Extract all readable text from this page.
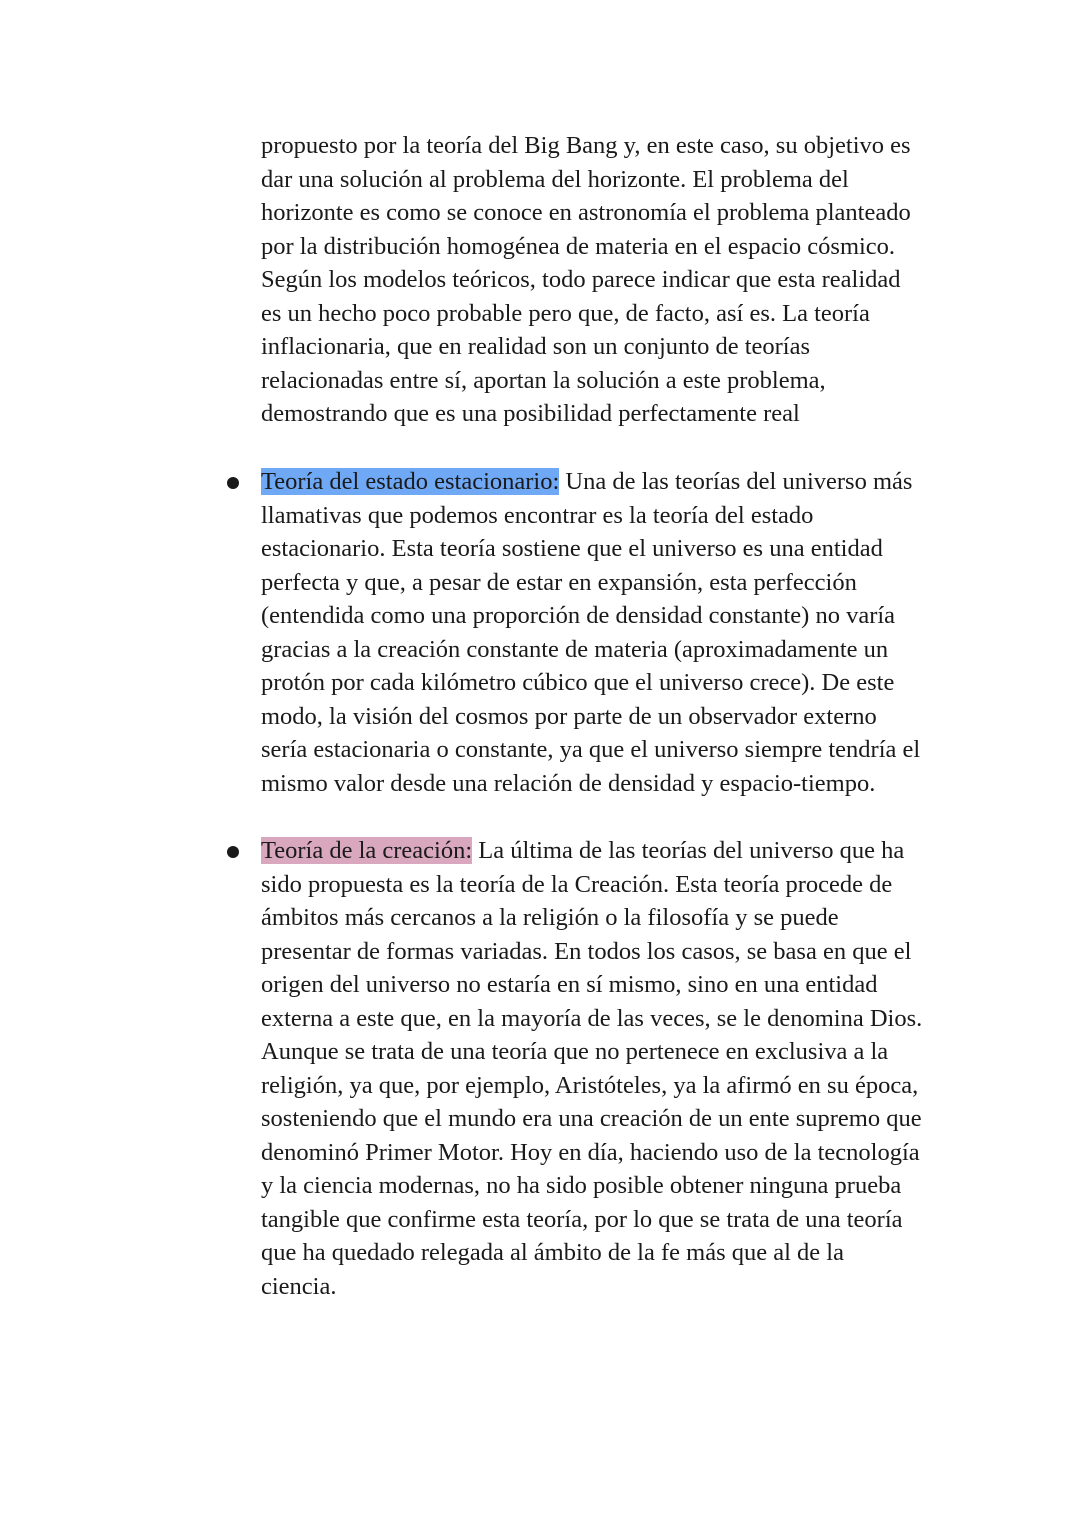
propuesto por la teoría del Big Bang y, en este caso, su objetivo es
dar una solución al problema del horizonte. El problema del
horizonte es como se conoce en astronomía el problema planteado
por la distribución homogénea de materia en el espacio cósmico.
Según los modelos teóricos, todo parece indicar que esta realidad
es un hecho poco probable pero que, de facto, así es. La teoría
inflacionaria, que en realidad son un conjunto de teorías
relacionadas entre sí, aportan la solución a este problema,
demostrando que es una posibilidad perfectamente real

Teoría del estado estacionario: Una de las teorías del universo más
llamativas que podemos encontrar es la teoría del estado
estacionario. Esta teoría sostiene que el universo es una entidad
perfecta y que, a pesar de estar en expansión, esta perfección
(entendida como una proporción de densidad constante) no varía
gracias a la creación constante de materia (aproximadamente un
protón por cada kilómetro cúbico que el universo crece). De este
modo, la visión del cosmos por parte de un observador externo
sería estacionaria o constante, ya que el universo siempre tendría el
mismo valor desde una relación de densidad y espacio-tiempo.

Teoría de la creación: La última de las teorías del universo que ha
sido propuesta es la teoría de la Creación. Esta teoría procede de
ámbitos más cercanos a la religión o la filosofía y se puede
presentar de formas variadas. En todos los casos, se basa en que el
origen del universo no estaría en sí mismo, sino en una entidad
externa a este que, en la mayoría de las veces, se le denomina Dios.
Aunque se trata de una teoría que no pertenece en exclusiva a la
religión, ya que, por ejemplo, Aristóteles, ya la afirmó en su época,
sosteniendo que el mundo era una creación de un ente supremo que
denominó Primer Motor. Hoy en día, haciendo uso de la tecnología
y la ciencia modernas, no ha sido posible obtener ninguna prueba
tangible que confirme esta teoría, por lo que se trata de una teoría
que ha quedado relegada al ámbito de la fe más que al de la
ciencia.
